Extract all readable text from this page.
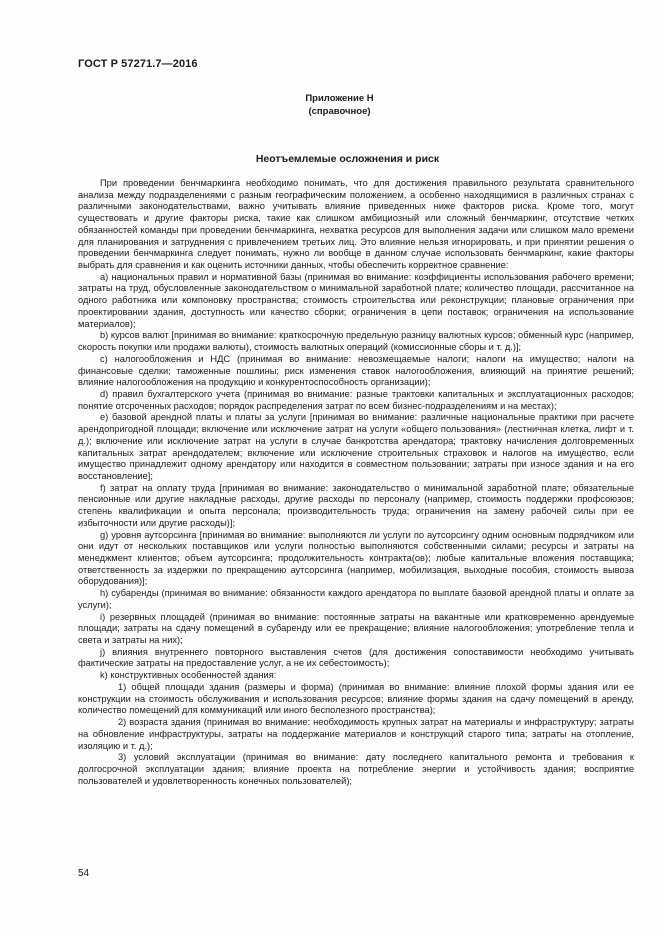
ГОСТ Р 57271.7—2016
Приложение Н
(справочное)
Неотъемлемые осложнения и риск

При проведении бенчмаркинга необходимо понимать, что для достижения правильного результата сравнительного анализа между подразделениями с разным географическим положением, а особенно находящимися в различных странах с различными законодательствами, важно учитывать влияние приведенных ниже факторов риска. Кроме того, могут существовать и другие факторы риска, такие как слишком амбициозный или сложный бенчмаркинг, отсутствие четких обязанностей команды при проведении бенчмаркинга, нехватка ресурсов для выполнения задачи или слишком мало времени для планирования и затруднения с привлечением третьих лиц. Это влияние нельзя игнорировать, и при принятии решения о проведении бенчмаркинга следует понимать, нужно ли вообще в данном случае использовать бенчмаркинг, какие факторы выбрать для сравнения и как оценить источники данных, чтобы обеспечить корректное сравнение:

а) национальных правил и нормативной базы (принимая во внимание: коэффициенты использования рабочего времени; затраты на труд, обусловленные законодательством о минимальной заработной плате; количество площади, рассчитанное на одного работника или компоновку пространства; стоимость строительства или реконструкции; плановые ограничения при проектировании здания, доступность или качество сборки; ограничения в цепи поставок; ограничения на использование материалов);

b) курсов валют [принимая во внимание: краткосрочную предельную разницу валютных курсов; обменный курс (например, скорость покупки или продажи валюты), стоимость валютных операций (комиссионные сборы и т. д.)];

c) налогообложения и НДС (принимая во внимание: невозмещаемые налоги; налоги на имущество; налоги на финансовые сделки; таможенные пошлины; риск изменения ставок налогообложения, влияющий на принятие решений; влияние налогообложения на продукцию и конкурентоспособность организации);

d) правил бухгалтерского учета (принимая во внимание: разные трактовки капитальных и эксплуатационных расходов; понятие отсроченных расходов; порядок распределения затрат по всем бизнес-подразделениям и на местах);

e) базовой арендной платы и платы за услуги [принимая во внимание: различные национальные практики при расчете арендопригодной площади; включение или исключение затрат на услуги «общего пользования» (лестничная клетка, лифт и т. д.); включение или исключение затрат на услуги в случае банкротства арендатора; трактовку начисления долговременных капитальных затрат арендодателем; включение или исключение строительных страховок и налогов на имущество, если имущество принадлежит одному арендатору или находится в совместном пользовании; затраты при износе здания и на его восстановление];

f) затрат на оплату труда [принимая во внимание: законодательство о минимальной заработной плате; обязательные пенсионные или другие накладные расходы, другие расходы по персоналу (например, стоимость поддержки профсоюзов; степень квалификации и опыта персонала; производительность труда; ограничения на замену рабочей силы при ее избыточности или другие расходы)];

g) уровня аутсорсинга [принимая во внимание: выполняются ли услуги по аутсорсингу одним основным подрядчиком или они идут от нескольких поставщиков или услуги полностью выполняются собственными силами; ресурсы и затраты на менеджмент клиентов; объем аутсорсинга; продолжительность контракта(ов); любые капитальные вложения поставщика; ответственность за издержки по прекращению аутсорсинга (например, мобилизация, выходные пособия, стоимость вывоза оборудования)];

h) субаренды (принимая во внимание: обязанности каждого арендатора по выплате базовой арендной платы и оплате за услуги);

i) резервных площадей (принимая во внимание: постоянные затраты на вакантные или кратковременно арендуемые площади; затраты на сдачу помещений в субаренду или ее прекращение; влияние налогообложения; употребление тепла и света и затраты на них);

j) влияния внутреннего повторного выставления счетов (для достижения сопоставимости необходимо учитывать фактические затраты на предоставление услуг, а не их себестоимость);

k) конструктивных особенностей здания:

1) общей площади здания (размеры и форма) (принимая во внимание: влияние плохой формы здания или ее конструкции на стоимость обслуживания и использования ресурсов; влияние формы здания на сдачу помещений в аренду, количество помещений для коммуникаций или иного бесполезного пространства);

2) возраста здания (принимая во внимание: необходимость крупных затрат на материалы и инфраструктуру; затраты на обновление инфраструктуры, затраты на поддержание материалов и конструкций старого типа; затраты на отопление, изоляцию и т. д.);

3) условий эксплуатации (принимая во внимание: дату последнего капитального ремонта и требования к долгосрочной эксплуатации здания; влияние проекта на потребление энергии и устойчивость здания; восприятие пользователей и удовлетворенность конечных пользователей);

54
